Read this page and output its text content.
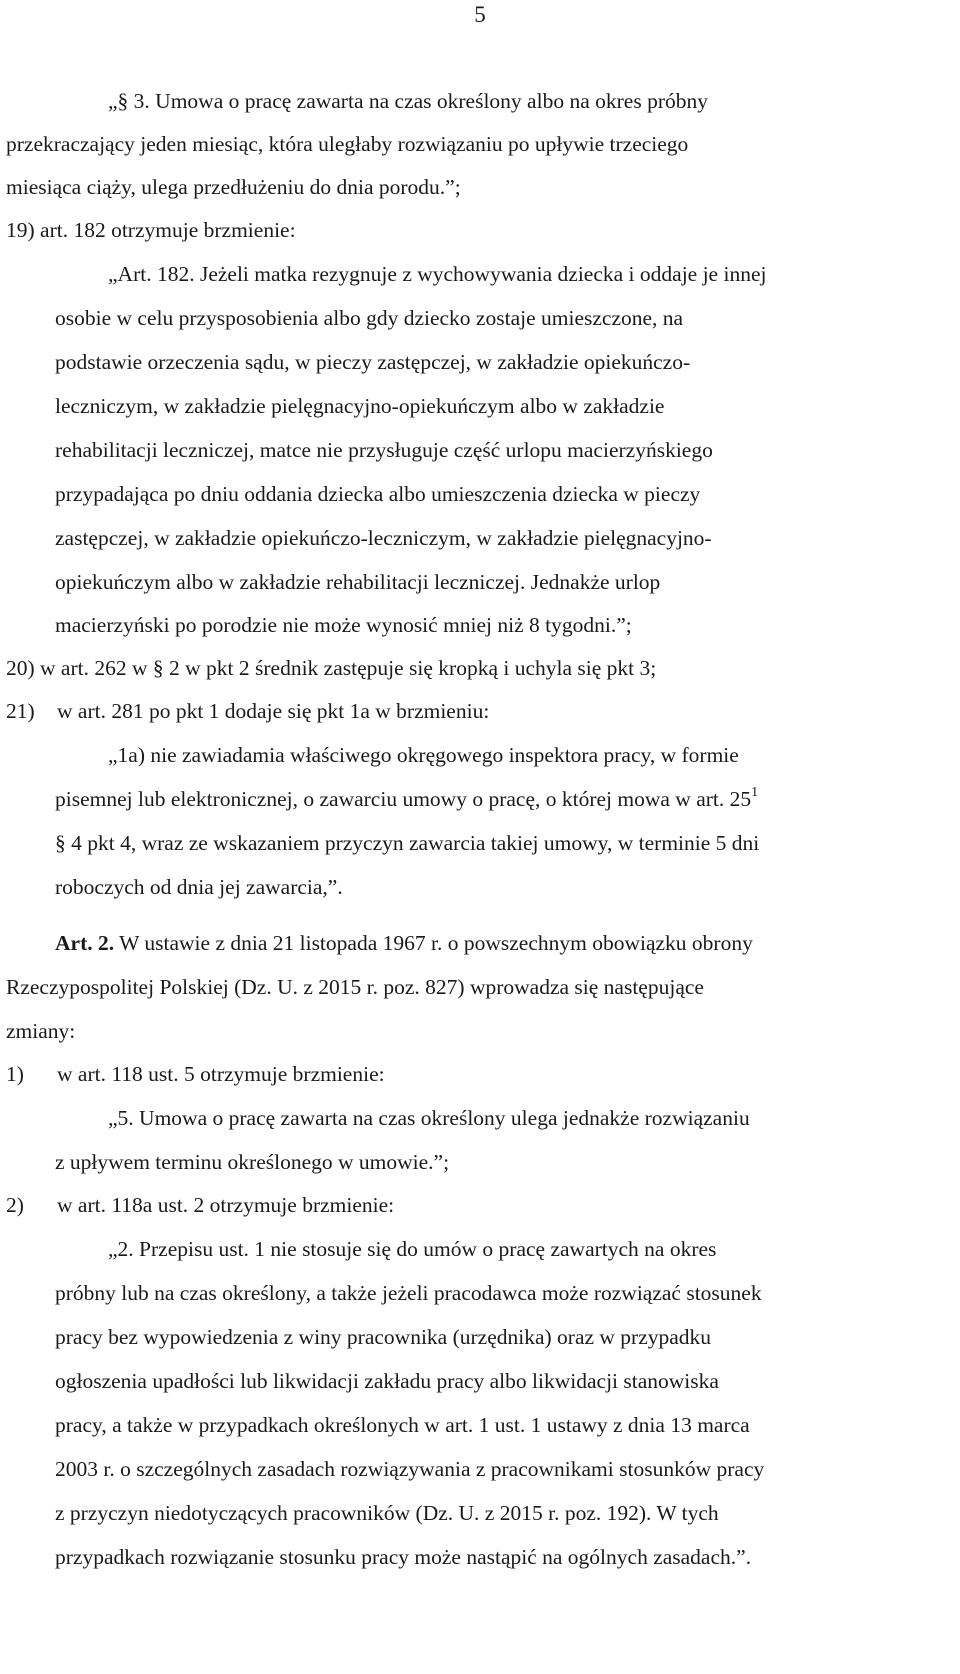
5
„§ 3. Umowa o pracę zawarta na czas określony albo na okres próbny
przekraczający jeden miesiąc, która uległaby rozwiązaniu po upływie trzeciego
miesiąca ciąży, ulega przedłużeniu do dnia porodu.”;
19) art. 182 otrzymuje brzmienie:
„Art. 182. Jeżeli matka rezygnuje z wychowywania dziecka i oddaje je innej
osobie w celu przysposobienia albo gdy dziecko zostaje umieszczone, na
podstawie orzeczenia sądu, w pieczy zastępczej, w zakładzie opiekuńczo-
leczniczym, w zakładzie pielęgnacyjno-opiekuńczym albo w zakładzie
rehabilitacji leczniczej, matce nie przysługuje część urlopu macierzyńskiego
przypadająca po dniu oddania dziecka albo umieszczenia dziecka w pieczy
zastępczej, w zakładzie opiekuńczo-leczniczym, w zakładzie pielęgnacyjno-
opiekuńczym albo w zakładzie rehabilitacji leczniczej. Jednakże urlop
macierzyński po porodzie nie może wynosić mniej niż 8 tygodni.”;
20) w art. 262 w § 2 w pkt 2 średnik zastępuje się kropką i uchyla się pkt 3;
21) w art. 281 po pkt 1 dodaje się pkt 1a w brzmieniu:
„1a) nie zawiadamia właściwego okręgowego inspektora pracy, w formie
pisemnej lub elektronicznej, o zawarciu umowy o pracę, o której mowa w art. $25^1$
§ 4 pkt 4, wraz ze wskazaniem przyczyn zawarcia takiej umowy, w terminie 5 dni
roboczych od dnia jej zawarcia,”.
Art. 2. W ustawie z dnia 21 listopada 1967 r. o powszechnym obowiązku obrony
Rzeczypospolitej Polskiej (Dz. U. z 2015 r. poz. 827) wprowadza się następujące
zmiany:
1) w art. 118 ust. 5 otrzymuje brzmienie:
„5. Umowa o pracę zawarta na czas określony ulega jednakże rozwiązaniu
z upływem terminu określonego w umowie.”;
2) w art. 118a ust. 2 otrzymuje brzmienie:
„2. Przepisu ust. 1 nie stosuje się do umów o pracę zawartych na okres
próbny lub na czas określony, a także jeżeli pracodawca może rozwiązać stosunek
pracy bez wypowiedzenia z winy pracownika (urzędnika) oraz w przypadku
ogłoszenia upadłości lub likwidacji zakładu pracy albo likwidacji stanowiska
pracy, a także w przypadkach określonych w art. 1 ust. 1 ustawy z dnia 13 marca
2003 r. o szczególnych zasadach rozwiązywania z pracownikami stosunków pracy
z przyczyn niedotyczących pracowników (Dz. U. z 2015 r. poz. 192). W tych
przypadkach rozwiązanie stosunku pracy może nastąpić na ogólnych zasadach.”.
